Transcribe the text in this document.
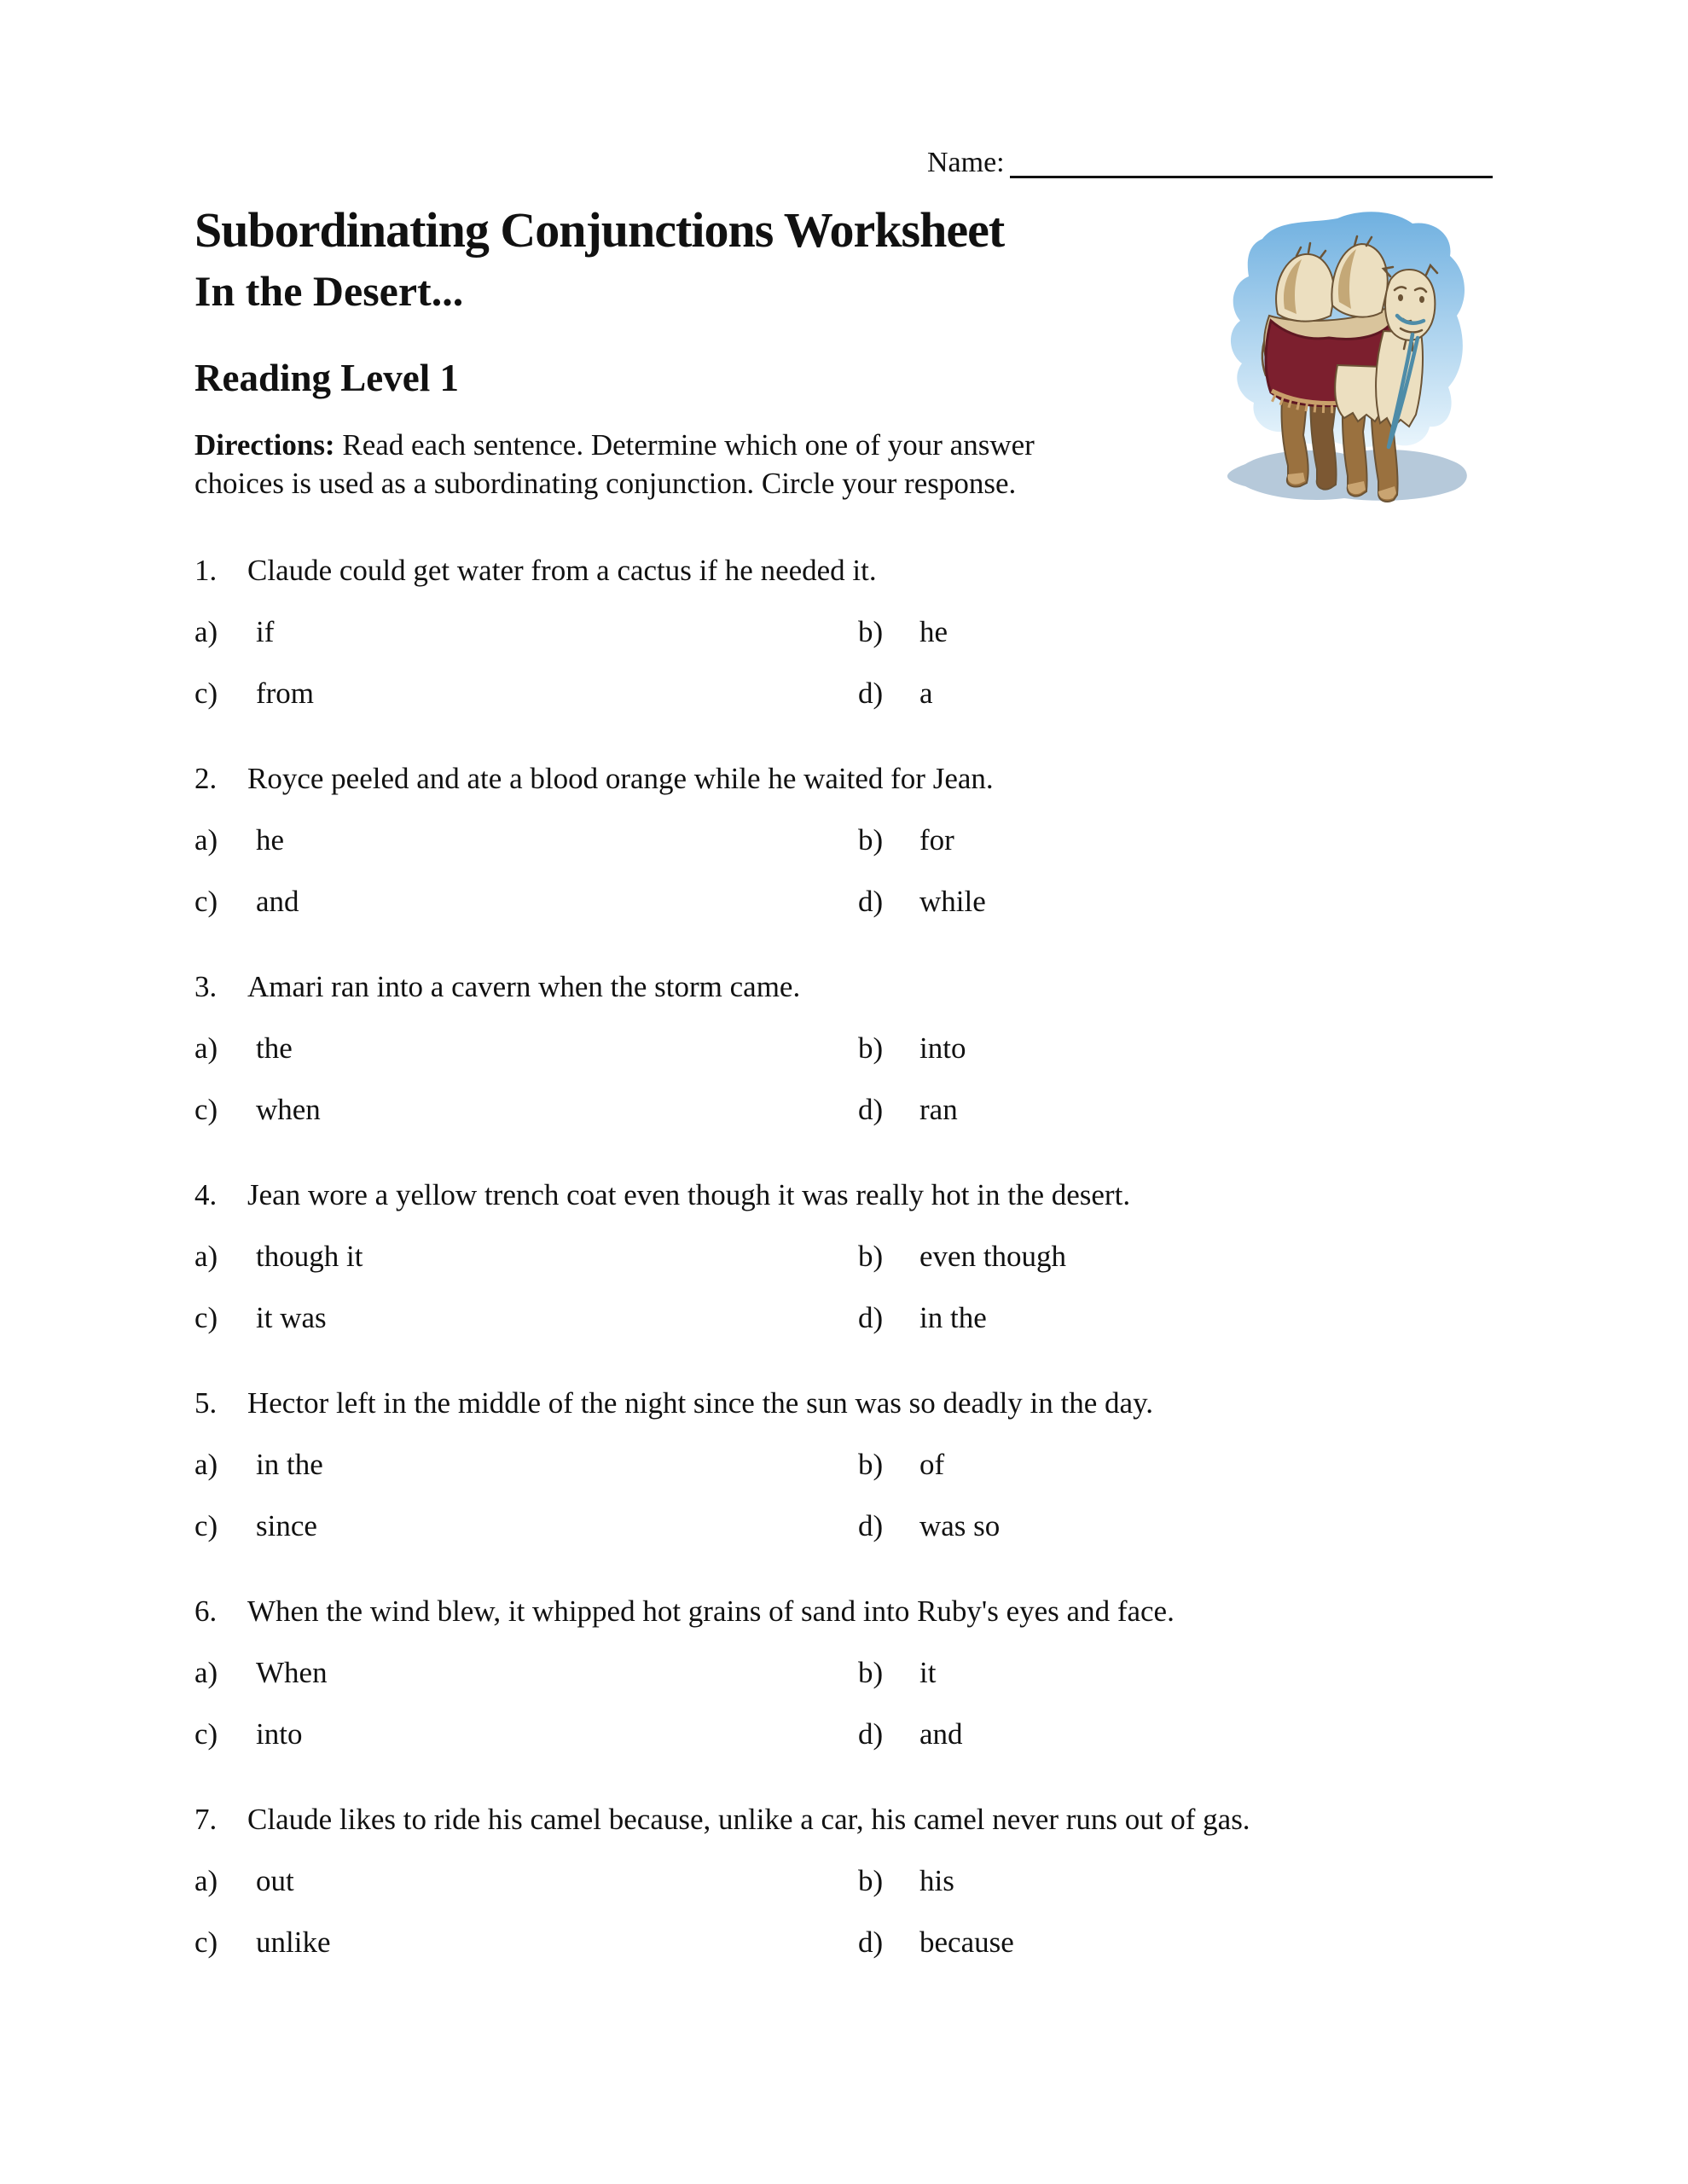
Name:
Subordinating Conjunctions Worksheet
In the Desert...
Reading Level 1

Directions: Read each sentence. Determine which one of your answer choices is used as a subordinating conjunction. Circle your response.

1.	Claude could get water from a cactus if he needed it.
a)	if	b)	he
c)	from	d)	a
2.	Royce peeled and ate a blood orange while he waited for Jean.
a)	he	b)	for
c)	and	d)	while
3.	Amari ran into a cavern when the storm came.
a)	the	b)	into
c)	when	d)	ran
4.	Jean wore a yellow trench coat even though it was really hot in the desert.
a)	though it	b)	even though
c)	it was	d)	in the
5.	Hector left in the middle of the night since the sun was so deadly in the day.
a)	in the	b)	of
c)	since	d)	was so
6.	When the wind blew, it whipped hot grains of sand into Ruby's eyes and face.
a)	When	b)	it
c)	into	d)	and
7.	Claude likes to ride his camel because, unlike a car, his camel never runs out of gas.
a)	out	b)	his
c)	unlike	d)	because
